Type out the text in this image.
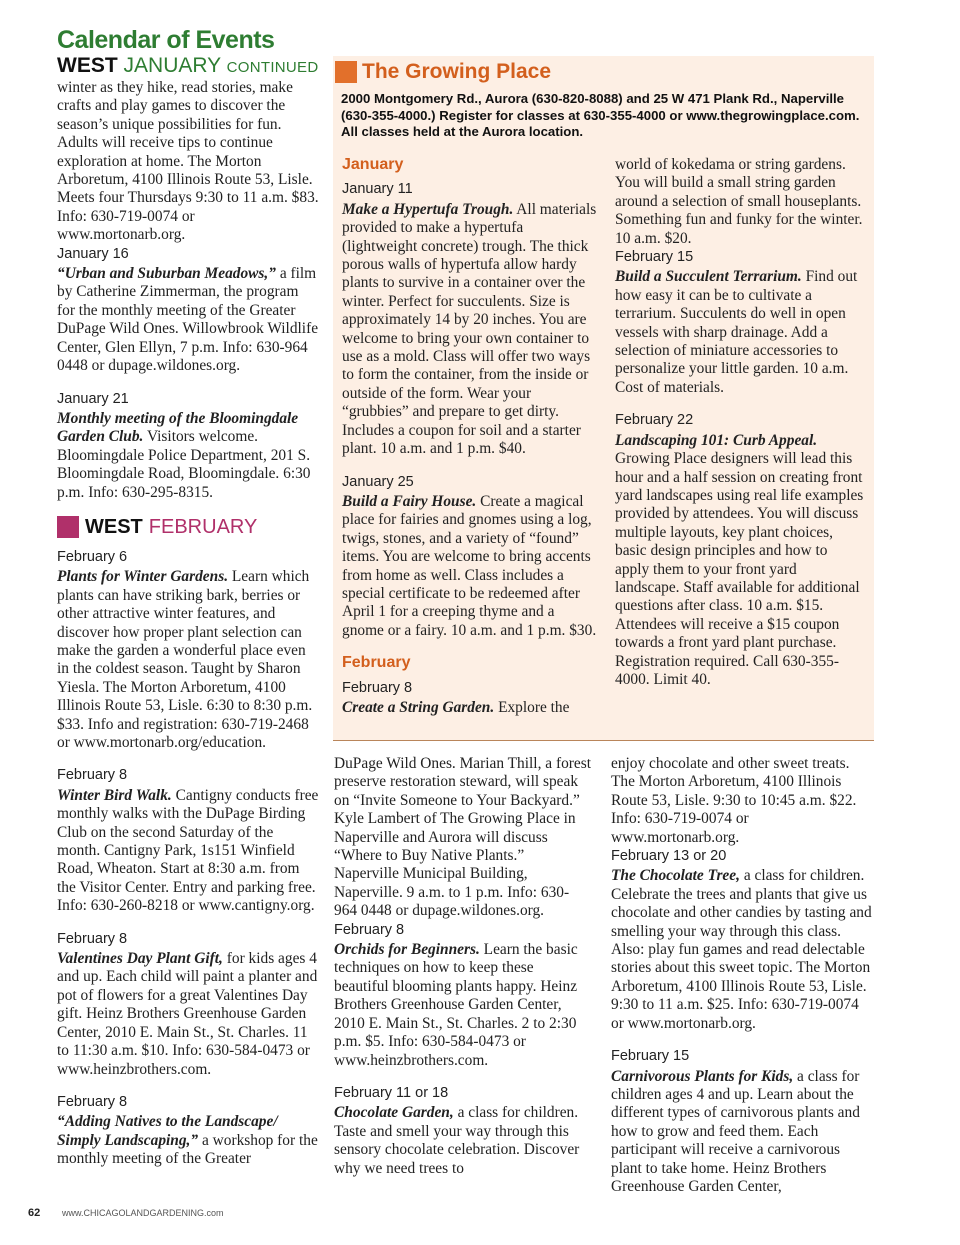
Calendar of Events
WEST JANUARY CONTINUED

winter as they hike, read stories, make crafts and play games to discover the season’s unique possibilities for fun. Adults will receive tips to continue exploration at home. The Morton Arboretum, 4100 Illinois Route 53, Lisle. Meets four Thursdays 9:30 to 11 a.m. $83. Info: 630-719-0074 or www.mortonarb.org.

January 16

“Urban and Suburban Meadows,” a film by Catherine Zimmerman, the program for the monthly meeting of the Greater DuPage Wild Ones. Willowbrook Wildlife Center, Glen Ellyn, 7 p.m. Info: 630-964 0448 or dupage.wildones.org.

January 21

Monthly meeting of the Bloomingdale Garden Club. Visitors welcome. Bloomingdale Police Department, 201 S. Bloomingdale Road, Bloomingdale. 6:30 p.m. Info: 630-295-8315.

WEST FEBRUARY
February 6

Plants for Winter Gardens. Learn which plants can have striking bark, berries or other attractive winter features, and discover how proper plant selection can make the garden a wonderful place even in the coldest season. Taught by Sharon Yiesla. The Morton Arboretum, 4100 Illinois Route 53, Lisle. 6:30 to 8:30 p.m. $33. Info and registration: 630-719-2468 or www.mortonarb.org/education.

February 8

Winter Bird Walk. Cantigny conducts free monthly walks with the DuPage Birding Club on the second Saturday of the month. Cantigny Park, 1s151 Winfield Road, Wheaton. Start at 8:30 a.m. from the Visitor Center. Entry and parking free. Info: 630-260-8218 or www.cantigny.org.

February 8

Valentines Day Plant Gift, for kids ages 4 and up. Each child will paint a planter and pot of flowers for a great Valentines Day gift. Heinz Brothers Greenhouse Garden Center, 2010 E. Main St., St. Charles. 11 to 11:30 a.m. $10. Info: 630-584-0473 or www.heinzbrothers.com.

February 8

“Adding Natives to the Landscape/ Simply Landscaping,” a workshop for the monthly meeting of the Greater

The Growing Place
2000 Montgomery Rd., Aurora (630-820-8088) and 25 W 471 Plank Rd., Naperville (630-355-4000.) Register for classes at 630-355-4000 or www.thegrowingplace.com. All classes held at the Aurora location.
January
January 11

Make a Hypertufa Trough. All materials provided to make a hypertufa (lightweight concrete) trough. The thick porous walls of hypertufa allow hardy plants to survive in a container over the winter. Perfect for succulents. Size is approximately 14 by 20 inches. You are welcome to bring your own container to use as a mold. Class will offer two ways to form the container, from the inside or outside of the form. Wear your “grubbies” and prepare to get dirty. Includes a coupon for soil and a starter plant. 10 a.m. and 1 p.m. $40.

January 25

Build a Fairy House. Create a magical place for fairies and gnomes using a log, twigs, stones, and a variety of “found” items. You are welcome to bring accents from home as well. Class includes a special certificate to be redeemed after April 1 for a creeping thyme and a gnome or a fairy. 10 a.m. and 1 p.m. $30.

February
February 8

Create a String Garden. Explore the

world of kokedama or string gardens. You will build a small string garden around a selection of small houseplants. Something fun and funky for the winter. 10 a.m. $20.

February 15

Build a Succulent Terrarium. Find out how easy it can be to cultivate a terrarium. Succulents do well in open vessels with sharp drainage. Add a selection of miniature accessories to personalize your little garden. 10 a.m. Cost of materials.

February 22

Landscaping 101: Curb Appeal. Growing Place designers will lead this hour and a half session on creating front yard landscapes using real life examples provided by attendees. You will discuss multiple layouts, key plant choices, basic design principles and how to apply them to your front yard landscape. Staff available for additional questions after class. 10 a.m. $15. Attendees will receive a $15 coupon towards a front yard plant purchase. Registration required. Call 630-355-4000. Limit 40.

DuPage Wild Ones. Marian Thill, a forest preserve restoration steward, will speak on “Invite Someone to Your Backyard.” Kyle Lambert of The Growing Place in Naperville and Aurora will discuss “Where to Buy Native Plants.” Naperville Municipal Building, Naperville. 9 a.m. to 1 p.m. Info: 630-964 0448 or dupage.wildones.org.

February 8

Orchids for Beginners. Learn the basic techniques on how to keep these beautiful blooming plants happy. Heinz Brothers Greenhouse Garden Center, 2010 E. Main St., St. Charles. 2 to 2:30 p.m. $5. Info: 630-584-0473 or www.heinzbrothers.com.

February 11 or 18

Chocolate Garden, a class for children. Taste and smell your way through this sensory chocolate celebration. Discover why we need trees to

enjoy chocolate and other sweet treats. The Morton Arboretum, 4100 Illinois Route 53, Lisle. 9:30 to 10:45 a.m. $22. Info: 630-719-0074 or www.mortonarb.org.

February 13 or 20

The Chocolate Tree, a class for children. Celebrate the trees and plants that give us chocolate and other candies by tasting and smelling your way through this class. Also: play fun games and read delectable stories about this sweet topic. The Morton Arboretum, 4100 Illinois Route 53, Lisle. 9:30 to 11 a.m. $25. Info: 630-719-0074 or www.mortonarb.org.

February 15

Carnivorous Plants for Kids, a class for children ages 4 and up. Learn about the different types of carnivorous plants and how to grow and feed them. Each participant will receive a carnivorous plant to take home. Heinz Brothers Greenhouse Garden Center,

62 www.CHICAGOLANDGARDENING.com
